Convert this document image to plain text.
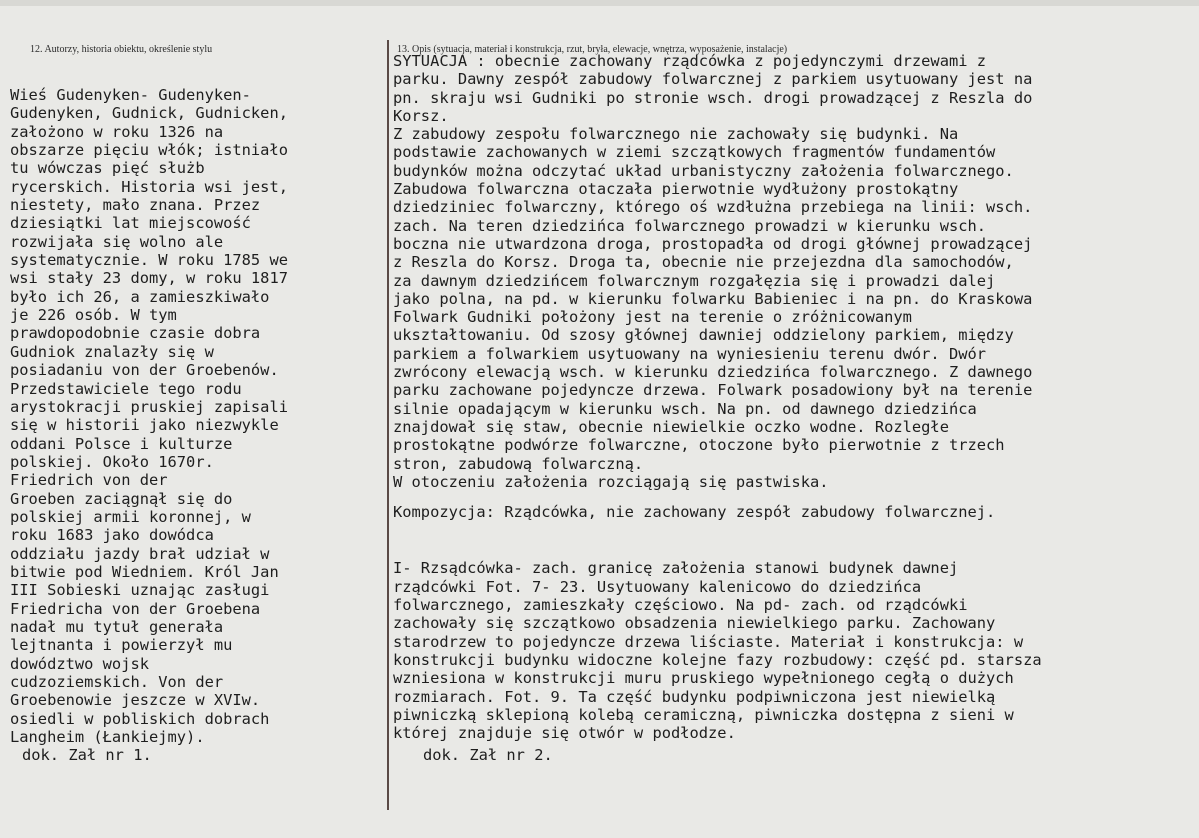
12. Autorzy, historia obiektu, określenie stylu	13. Opis (sytuacja, materiał i konstrukcja, rzut, bryła, elewacje, wnętrza, wyposażenie, instalacje)
Wieś Gudenyken- Gudenyken-
Gudenyken, Gudnick, Gudnicken,
założono w roku 1326 na
obszarze pięciu włók; istniało
tu wówczas pięć służb
rycerskich. Historia wsi jest,
niestety, mało znana. Przez
dziesiątki lat miejscowość
rozwijała się wolno ale
systematycznie. W roku 1785 we
wsi stały 23 domy, w roku 1817
było ich 26, a zamieszkiwało
je 226 osób. W tym
prawdopodobnie czasie dobra
Gudniok znalazły się w
posiadaniu von der Groebenów.
Przedstawiciele tego rodu
arystokracji pruskiej zapisali
się w historii jako niezwykle
oddani Polsce i kulturze
polskiej. Około 1670r.
Friedrich von der
Groeben zaciągnął się do
polskiej armii koronnej, w
roku 1683 jako dowódca
oddziału jazdy brał udział w
bitwie pod Wiedniem. Król Jan
III Sobieski uznając zasługi
Friedricha von der Groebena
nadał mu tytuł generała
lejtnanta i powierzył mu
dowództwo wojsk
cudzoziemskich. Von der
Groebenowie jeszcze w XVIw.
osiedli w pobliskich dobrach
Langheim (Łankiejmy).
SYTUACJA : obecnie zachowany rządcówka z pojedynczymi drzewami z
parku. Dawny zespół zabudowy folwarcznej z parkiem usytuowany jest na
pn. skraju wsi Gudniki po stronie wsch. drogi prowadzącej z Reszla do
Korsz.
Z zabudowy zespołu folwarcznego nie zachowały się budynki. Na
podstawie zachowanych w ziemi szczątkowych fragmentów fundamentów
budynków można odczytać układ urbanistyczny założenia folwarcznego.
Zabudowa folwarczna otaczała pierwotnie wydłużony prostokątny
dziedziniec folwarczny, którego oś wzdłużna przebiega na linii: wsch.
zach. Na teren dziedzińca folwarcznego prowadzi w kierunku wsch.
boczna nie utwardzona droga, prostopadła od drogi głównej prowadzącej
z Reszla do Korsz. Droga ta, obecnie nie przejezdna dla samochodów,
za dawnym dziedzińcem folwarcznym rozgałęzia się i prowadzi dalej
jako polna, na pd. w kierunku folwarku Babieniec i na pn. do Kraskowa
Folwark Gudniki położony jest na terenie o zróżnicowanym
ukształtowaniu. Od szosy głównej dawniej oddzielony parkiem, między
parkiem a folwarkiem usytuowany na wyniesieniu terenu dwór. Dwór
zwrócony elewacją wsch. w kierunku dziedzińca folwarcznego. Z dawnego
parku zachowane pojedyncze drzewa. Folwark posadowiony był na terenie
silnie opadającym w kierunku wsch. Na pn. od dawnego dziedzińca
znajdował się staw, obecnie niewielkie oczko wodne. Rozległe
prostokątne podwórze folwarczne, otoczone było pierwotnie z trzech
stron, zabudową folwarczną.
W otoczeniu założenia rozciągają się pastwiska.
Kompozycja: Rządcówka, nie zachowany zespół zabudowy folwarcznej.
I- Rzsądcówka- zach. granicę założenia stanowi budynek dawnej
rządcówki Fot. 7- 23. Usytuowany kalenicowo do dziedzińca
folwarcznego, zamieszkały częściowo. Na pd- zach. od rządcówki
zachowały się szczątkowo obsadzenia niewielkiego parku. Zachowany
starodrzew to pojedyncze drzewa liściaste. Materiał i konstrukcja: w
konstrukcji budynku widoczne kolejne fazy rozbudowy: część pd. starsza
wzniesiona w konstrukcji muru pruskiego wypełnionego cegłą o dużych
rozmiarach. Fot. 9. Ta część budynku podpiwniczona jest niewielką
piwniczką sklepioną kolebą ceramiczną, piwniczka dostępna z sieni w
której znajduje się otwór w podłodze.
dok. Zał nr 1.	dok. Zał nr 2.
